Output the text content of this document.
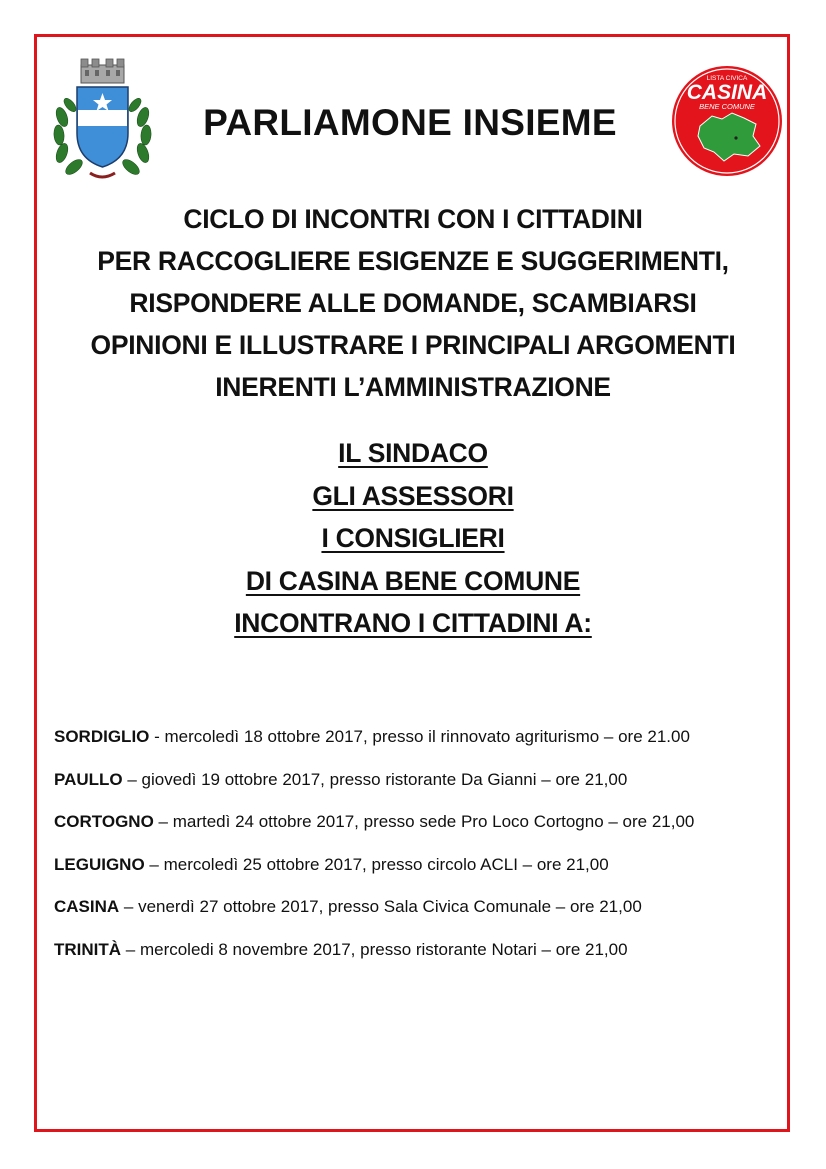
PARLIAMONE INSIEME
LISTA CIVICA
CASINA
BENE COMUNE
CICLO DI INCONTRI CON I CITTADINI
PER RACCOGLIERE ESIGENZE E SUGGERIMENTI,
RISPONDERE ALLE DOMANDE, SCAMBIARSI
OPINIONI E ILLUSTRARE I PRINCIPALI ARGOMENTI
INERENTI L’AMMINISTRAZIONE
IL SINDACO
GLI ASSESSORI
I CONSIGLIERI
DI CASINA BENE COMUNE
INCONTRANO I CITTADINI A:
SORDIGLIO - mercoledì 18 ottobre 2017, presso il rinnovato agriturismo – ore 21.00
PAULLO – giovedì 19 ottobre 2017, presso ristorante Da Gianni – ore 21,00
CORTOGNO – martedì 24 ottobre 2017, presso sede Pro Loco Cortogno – ore 21,00
LEGUIGNO – mercoledì 25 ottobre 2017, presso circolo ACLI – ore 21,00
CASINA – venerdì 27 ottobre 2017, presso Sala Civica Comunale – ore 21,00
TRINITÀ – mercoledi 8 novembre 2017, presso ristorante Notari – ore 21,00
